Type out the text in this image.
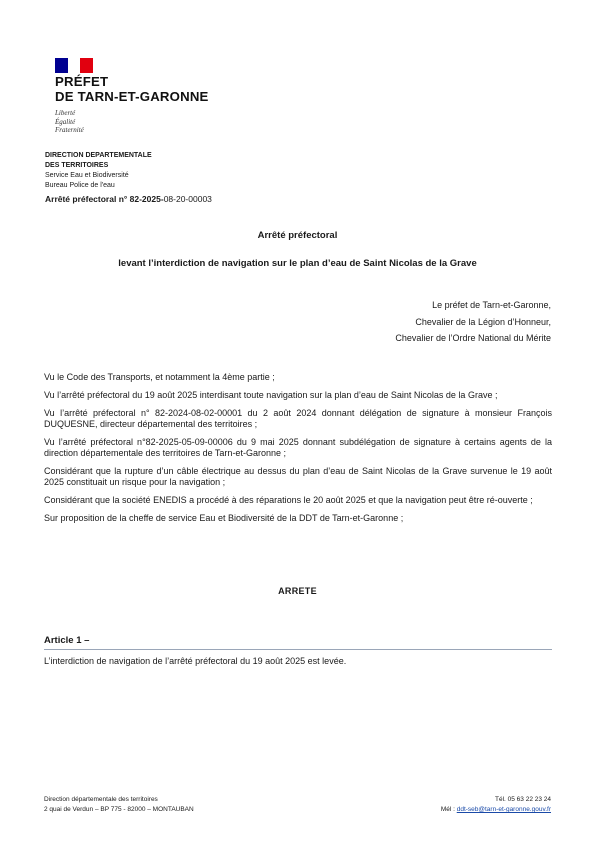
PRÉFET
DE TARN-ET-GARONNE
Liberté
Égalité
Fraternité
DIRECTION DEPARTEMENTALE
DES TERRITOIRES
Service Eau et Biodiversité
Bureau Police de l'eau
Arrêté préfectoral n° 82-2025-08-20-00003
Arrêté préfectoral
levant l’interdiction de navigation sur le plan d’eau de Saint Nicolas de la Grave
Le préfet de Tarn-et-Garonne,
Chevalier de la Légion d’Honneur,
Chevalier de l’Ordre National du Mérite

Vu le Code des Transports, et notamment la 4ème partie ;

Vu l’arrêté préfectoral du 19 août 2025 interdisant toute navigation sur la plan d’eau de Saint Nicolas de la Grave ;

Vu l’arrêté préfectoral n° 82-2024-08-02-00001 du 2 août 2024 donnant délégation de signature à monsieur François DUQUESNE, directeur départemental des territoires ;

Vu l’arrêté préfectoral n°82-2025-05-09-00006 du 9 mai 2025 donnant subdélégation de signature à certains agents de la direction départementale des territoires de Tarn-et-Garonne ;

Considérant que la rupture d’un câble électrique au dessus du plan d’eau de Saint Nicolas de la Grave survenue le 19 août 2025 constituait un risque pour la navigation ;

Considérant que la société ENEDIS a procédé à des réparations le 20 août 2025 et que la navigation peut être ré-ouverte ;

Sur proposition de la cheffe de service Eau et Biodiversité de la DDT de Tarn-et-Garonne ;

ARRETE
Article 1 –
L’interdiction de navigation de l’arrêté préfectoral du 19 août 2025 est levée.
Direction départementale des territoires
2 quai de Verdun – BP 775 - 82000 – MONTAUBAN
Tél. 05 63 22 23 24
Mél : ddt-seb@tarn-et-garonne.gouv.fr
